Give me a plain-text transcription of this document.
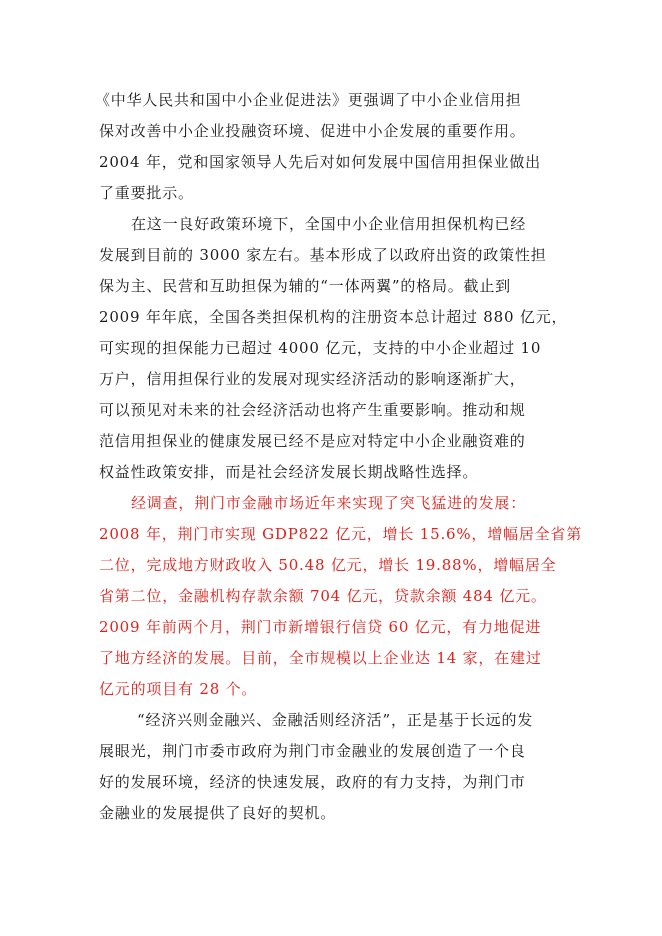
《中华人民共和国中小企业促进法》更强调了中小企业信用担
保对改善中小企业投融资环境、促进中小企发展的重要作用。
2004 年，党和国家领导人先后对如何发展中国信用担保业做出
了重要批示。
在这一良好政策环境下，全国中小企业信用担保机构已经
发展到目前的 3000 家左右。基本形成了以政府出资的政策性担
保为主、民营和互助担保为辅的“一体两翼”的格局。截止到
2009 年年底，全国各类担保机构的注册资本总计超过 880 亿元，
可实现的担保能力已超过 4000 亿元，支持的中小企业超过 10
万户，信用担保行业的发展对现实经济活动的影响逐渐扩大，
可以预见对未来的社会经济活动也将产生重要影响。推动和规
范信用担保业的健康发展已经不是应对特定中小企业融资难的
权益性政策安排，而是社会经济发展长期战略性选择。
经调查，荆门市金融市场近年来实现了突飞猛进的发展：
2008 年，荆门市实现 GDP822 亿元，增长 15.6%，增幅居全省第
二位，完成地方财政收入 50.48 亿元，增长 19.88%，增幅居全
省第二位，金融机构存款余额 704 亿元，贷款余额 484 亿元。
2009 年前两个月，荆门市新增银行信贷 60 亿元，有力地促进
了地方经济的发展。目前，全市规模以上企业达 14 家，在建过
亿元的项目有 28 个。
“经济兴则金融兴、金融活则经济活”，正是基于长远的发
展眼光，荆门市委市政府为荆门市金融业的发展创造了一个良
好的发展环境，经济的快速发展，政府的有力支持，为荆门市
金融业的发展提供了良好的契机。
